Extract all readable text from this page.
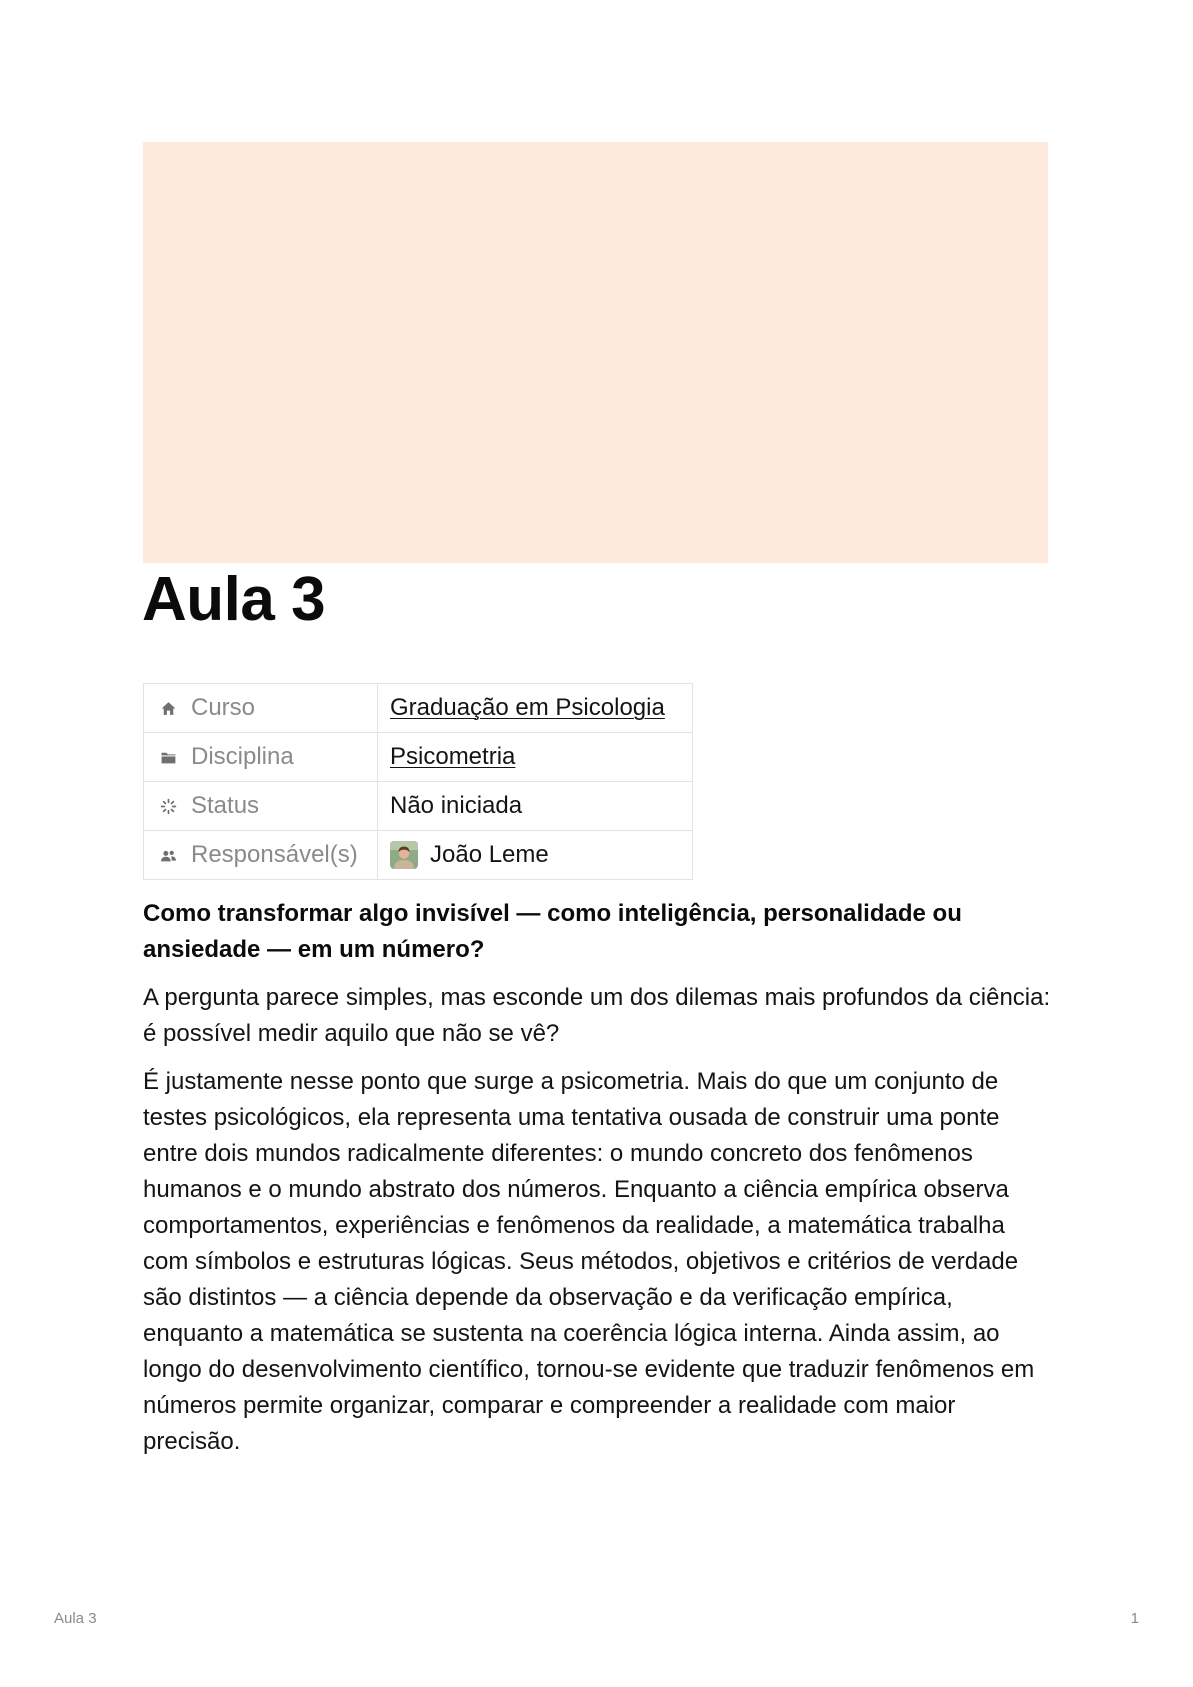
Aula 3
Curso	Graduação em Psicologia

Disciplina	Psicometria

Status	Não iniciada

Responsável(s)	João Leme

Como transformar algo invisível — como inteligência, personalidade ou ansiedade — em um número?

A pergunta parece simples, mas esconde um dos dilemas mais profundos da ciência: é possível medir aquilo que não se vê?

É justamente nesse ponto que surge a psicometria. Mais do que um conjunto de testes psicológicos, ela representa uma tentativa ousada de construir uma ponte entre dois mundos radicalmente diferentes: o mundo concreto dos fenômenos humanos e o mundo abstrato dos números. Enquanto a ciência empírica observa comportamentos, experiências e fenômenos da realidade, a matemática trabalha com símbolos e estruturas lógicas. Seus métodos, objetivos e critérios de verdade são distintos — a ciência depende da observação e da verificação empírica, enquanto a matemática se sustenta na coerência lógica interna. Ainda assim, ao longo do desenvolvimento científico, tornou-se evidente que traduzir fenômenos em números permite organizar, comparar e compreender a realidade com maior precisão.

Aula 3	1
